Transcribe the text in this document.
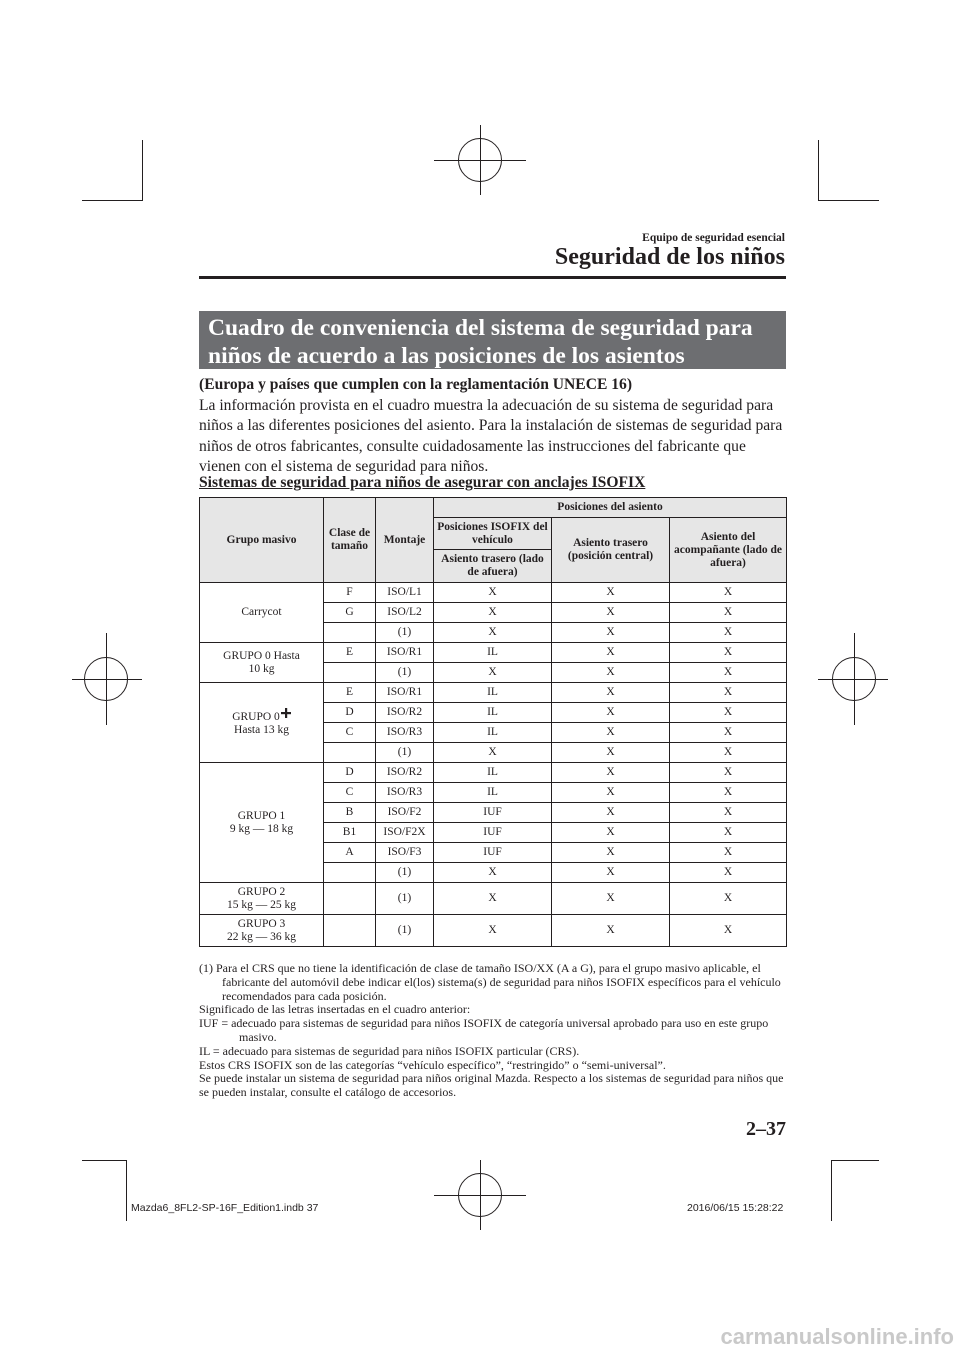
Equipo de seguridad esencial
Seguridad de los niños
Cuadro de conveniencia del sistema de seguridad para
niños de acuerdo a las posiciones de los asientos
(Europa y países que cumplen con la reglamentación UNECE 16)
La información provista en el cuadro muestra la adecuación de su sistema de seguridad para niños a las diferentes posiciones del asiento. Para la instalación de sistemas de seguridad para niños de otros fabricantes, consulte cuidadosamente las instrucciones del fabricante que vienen con el sistema de seguridad para niños.
Sistemas de seguridad para niños de asegurar con anclajes ISOFIX
Grupo masivo	Clase de tamaño	Montaje	Posiciones del asiento		
			Posiciones ISOFIX del vehículo	Asiento trasero (posición central)	Asiento del acompañante (lado de afuera)
			Asiento trasero (lado de afuera)		
Carrycot	F	ISO/L1	X	X	X
	G	ISO/L2	X	X	X
		(1)	X	X	X

GRUPO 0 Hasta
10 kg	E	ISO/R1	IL	X	X
		(1)	X	X	X

GRUPO 0
Hasta 13 kg	E	ISO/R1	IL	X	X
	D	ISO/R2	IL	X	X
	C	ISO/R3	IL	X	X
		(1)	X	X	X

GRUPO 1
9 kg — 18 kg	D	ISO/R2	IL	X	X
	C	ISO/R3	IL	X	X
	B	ISO/F2	IUF	X	X
	B1	ISO/F2X	IUF	X	X
	A	ISO/F3	IUF	X	X
		(1)	X	X	X

GRUPO 2
15 kg — 25 kg		(1)	X	X	X

GRUPO 3
22 kg — 36 kg		(1)	X	X	X

(1) Para el CRS que no tiene la identificación de clase de tamaño ISO/XX (A a G), para el grupo masivo aplicable, el fabricante del automóvil debe indicar el(los) sistema(s) de seguridad para niños ISOFIX específicos para el vehículo recomendados para cada posición.

Significado de las letras insertadas en el cuadro anterior:

IUF = adecuado para sistemas de seguridad para niños ISOFIX de categoría universal aprobado para uso en este grupo masivo.

IL = adecuado para sistemas de seguridad para niños ISOFIX particular (CRS).

Estos CRS ISOFIX son de las categorías “vehículo específico”, “restringido” o “semi-universal”.

Se puede instalar un sistema de seguridad para niños original Mazda. Respecto a los sistemas de seguridad para niños que se pueden instalar, consulte el catálogo de accesorios.

2–37
Mazda6_8FL2-SP-16F_Edition1.indb 37	2016/06/15 15:28:22
carmanualsonline.info
